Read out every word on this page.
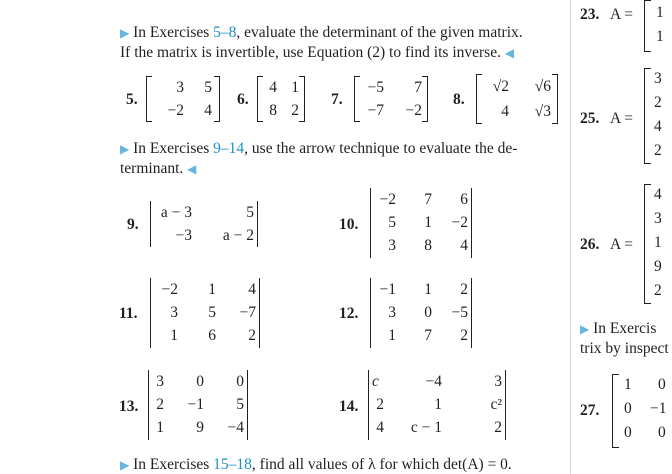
▶ In Exercises 5–8, evaluate the determinant of the given matrix.
If the matrix is invertible, use Equation (2) to find its inverse. ◀
5.
3	5
−2	4
6.
4 1
8 2
7.
−5	7
−7	−2
8.
√2	√6
4	√3
▶ In Exercises 9–14, use the arrow technique to evaluate the de-
terminant. ◀
9.
a − 3	5
−3	a − 2
10.
−2	7	6
5	1	−2
3	8	4
11.
−2	1	4
3	5	−7
1	6	2
12.
−1	1	2
3	0	−5
1	7	2
13.
3	0	0
2	−1	5
1	9	−4
14.
c	−4	3
2	1	c²
4	c − 1	2
▶ In Exercises 15–18, find all values of λ for which det(A) = 0.
23. A = 1
1
25. A =
3
2
4
2
26. A =
4
3
1
9
2
▶ In Exercis
trix by inspect
27.
1 0
0 −1
0 0
